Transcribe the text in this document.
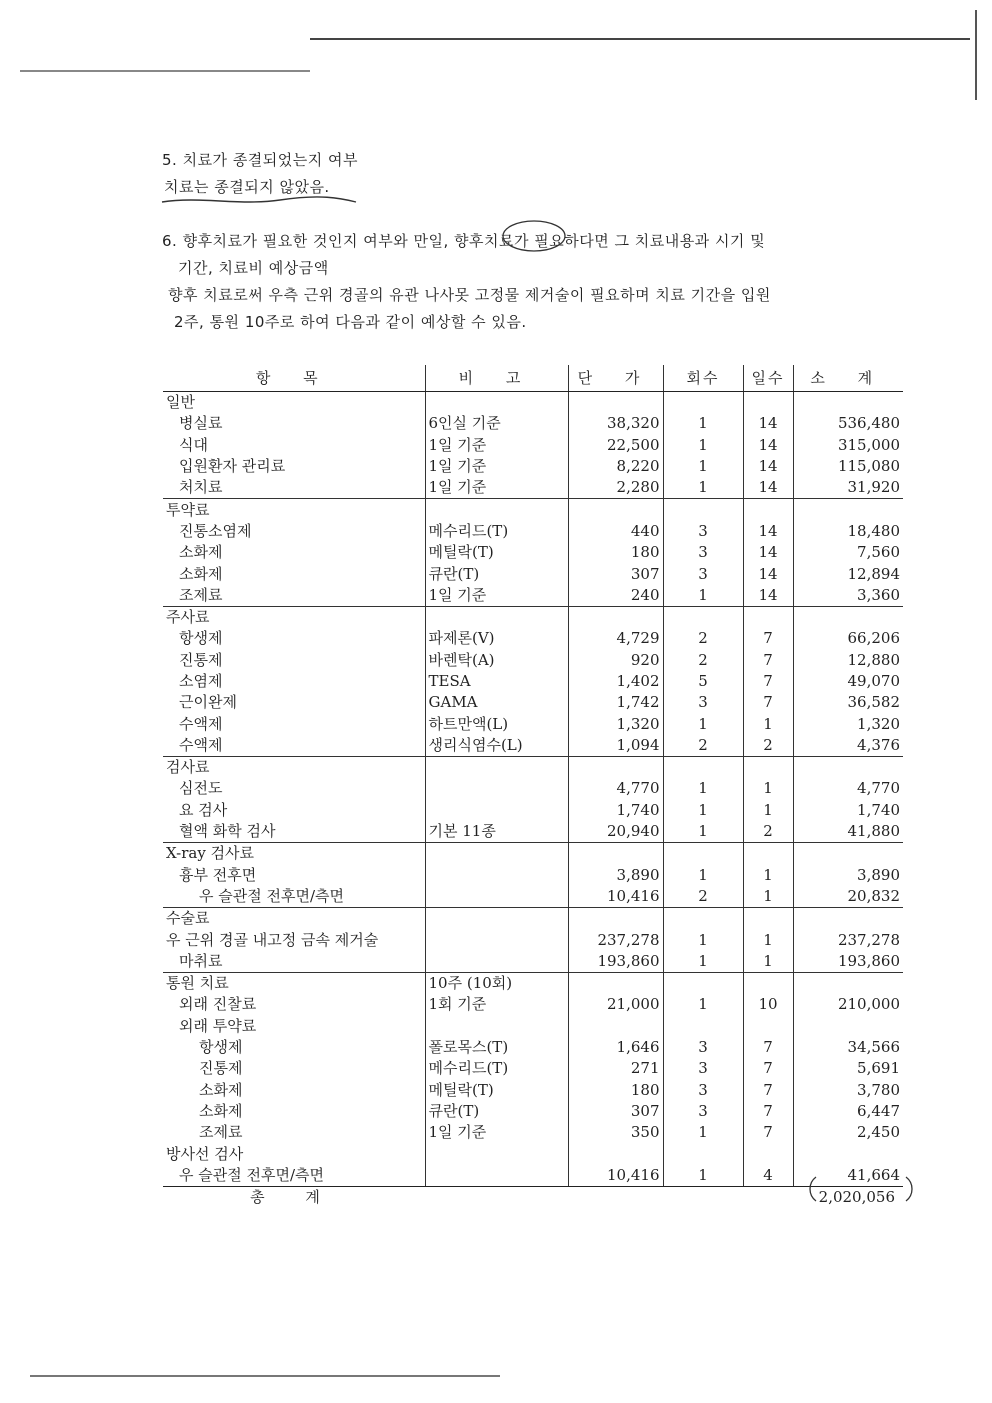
5. 치료가 종결되었는지 여부
치료는 종결되지 않았음.
6. 향후치료가 필요한 것인지 여부와 만일, 향후치료가 필요하다면 그 치료내용과 시기 및
기간, 치료비 예상금액
향후 치료로써 우측 근위 경골의 유관 나사못 고정물 제거술이 필요하며 치료 기간을 입원
2주, 통원 10주로 하여 다음과 같이 예상할 수 있음.
항 목	비 고	단 가	회수	일수	소 계
일반					
병실료	6인실 기준	38,320	1	14	536,480
식대	1일 기준	22,500	1	14	315,000
입원환자 관리료	1일 기준	8,220	1	14	115,080
처치료	1일 기준	2,280	1	14	31,920
투약료					
진통소염제	메수리드(T)	440	3	14	18,480
소화제	메틸락(T)	180	3	14	7,560
소화제	큐란(T)	307	3	14	12,894
조제료	1일 기준	240	1	14	3,360
주사료					
항생제	파제론(V)	4,729	2	7	66,206
진통제	바렌탁(A)	920	2	7	12,880
소염제	TESA	1,402	5	7	49,070
근이완제	GAMA	1,742	3	7	36,582
수액제	하트만액(L)	1,320	1	1	1,320
수액제	생리식염수(L)	1,094	2	2	4,376
검사료					
심전도		4,770	1	1	4,770
요 검사		1,740	1	1	1,740
혈액 화학 검사	기본 11종	20,940	1	2	41,880
X-ray 검사료					
흉부 전후면		3,890	1	1	3,890
우 슬관절 전후면/측면		10,416	2	1	20,832
수술료					
우 근위 경골 내고정 금속 제거술		237,278	1	1	237,278
마취료		193,860	1	1	193,860
통원 치료	10주 (10회)				
외래 진찰료	1회 기준	21,000	1	10	210,000
외래 투약료					
항생제	폴로목스(T)	1,646	3	7	34,566
진통제	메수리드(T)	271	3	7	5,691
소화제	메틸락(T)	180	3	7	3,780
소화제	큐란(T)	307	3	7	6,447
조제료	1일 기준	350	1	7	2,450
방사선 검사					
우 슬관절 전후면/측면		10,416	1	4	41,664
총 계					2,020,056
